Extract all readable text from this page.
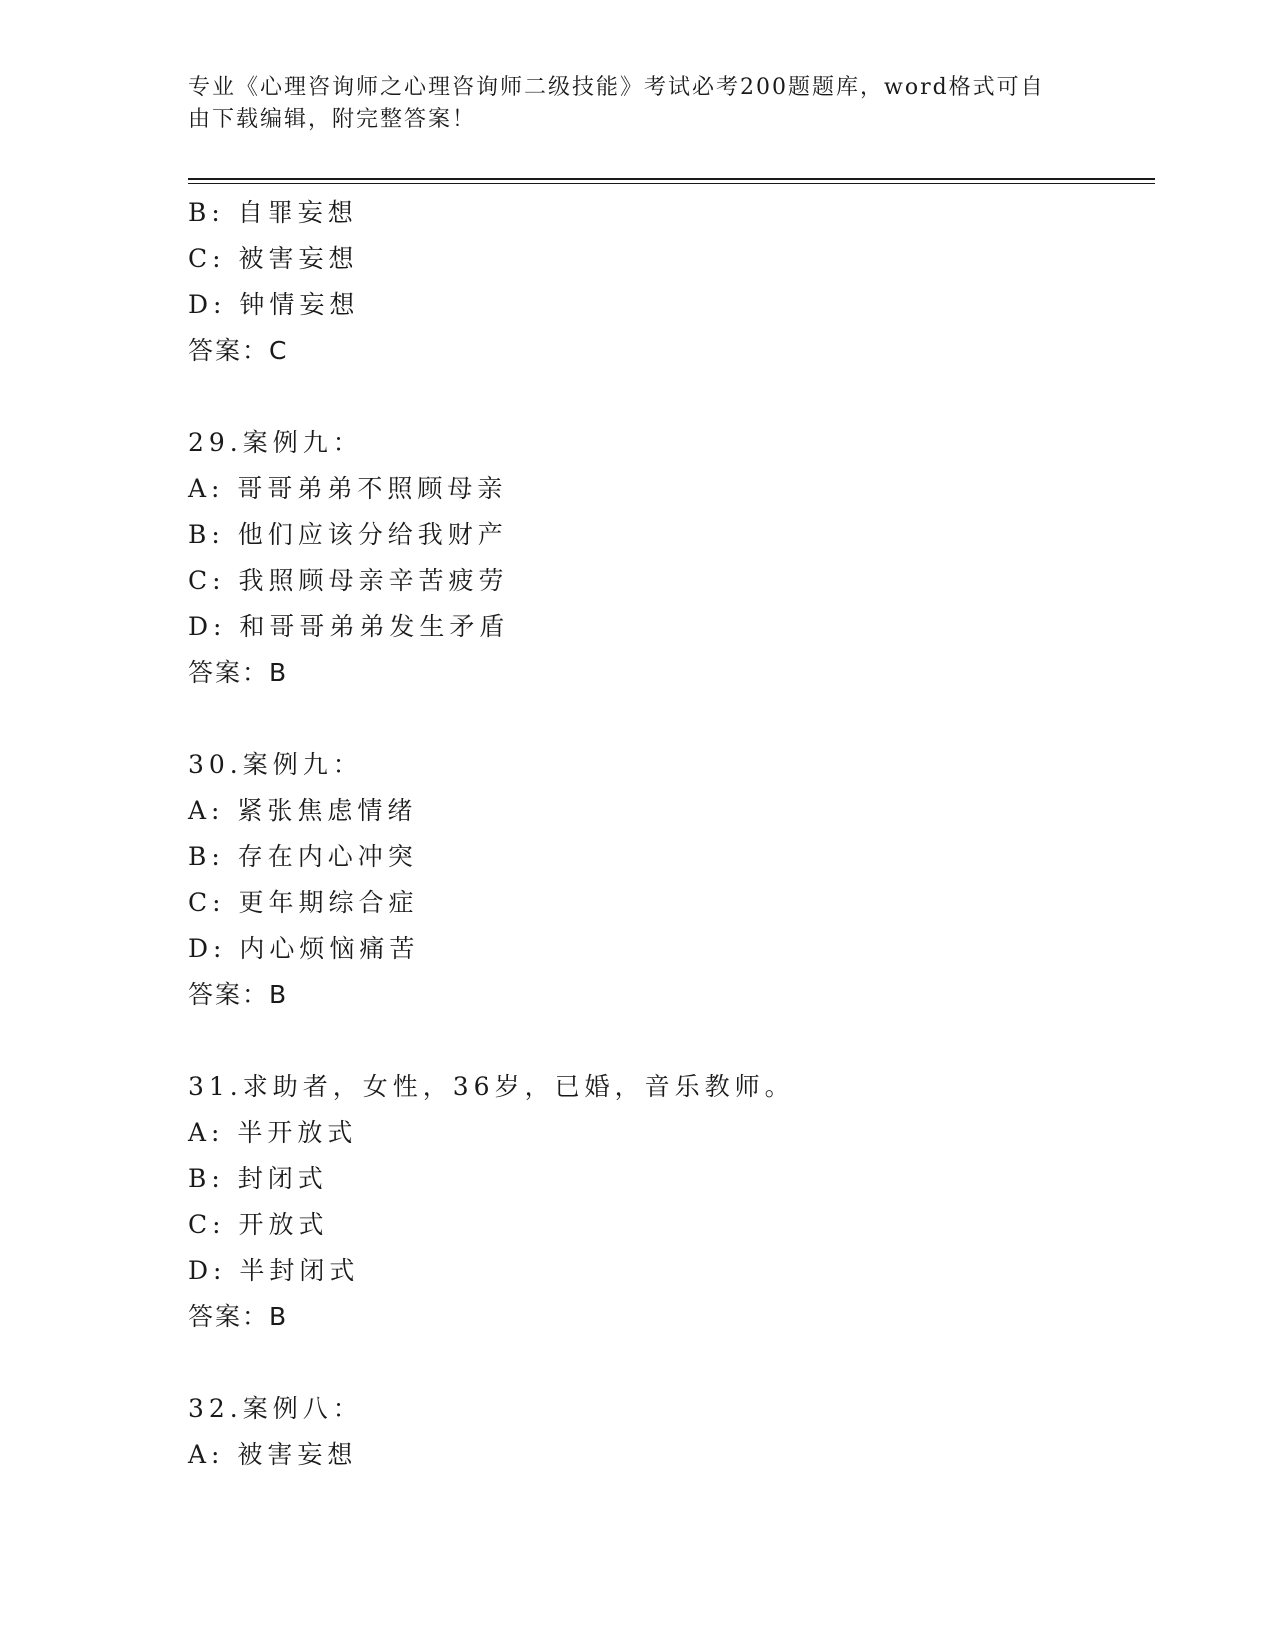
专业《心理咨询师之心理咨询师二级技能》考试必考200题题库，word格式可自
由下载编辑，附完整答案！
B: 自罪妄想
C: 被害妄想
D: 钟情妄想
答案：C
29.案例九：
A: 哥哥弟弟不照顾母亲
B: 他们应该分给我财产
C: 我照顾母亲辛苦疲劳
D: 和哥哥弟弟发生矛盾
答案：B
30.案例九：
A: 紧张焦虑情绪
B: 存在内心冲突
C: 更年期综合症
D: 内心烦恼痛苦
答案：B
31.求助者，女性，36岁，已婚，音乐教师。
A: 半开放式
B: 封闭式
C: 开放式
D: 半封闭式
答案：B
32.案例八：
A: 被害妄想
